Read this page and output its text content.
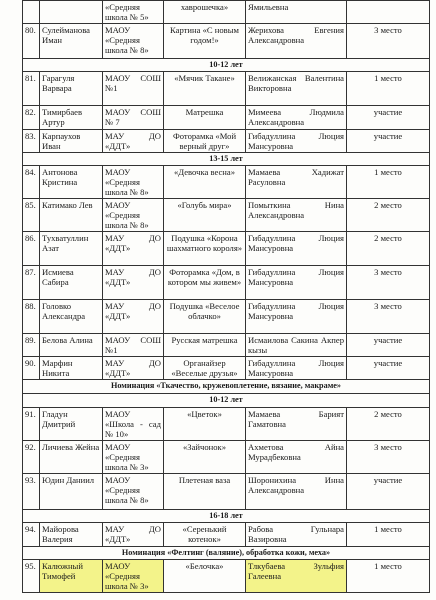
		«Средняя школа № 5»	хаврошечка»	Ямильевна	
80.	Сулейманова Иман	МАОУ «Средняя школа № 8»	Картина «С новым годом!»	Жерихова Евгения Александровна	3 место
10-12 лет					
81.	Гарагуля Варвара	МАОУ СОШ №1	«Мячик Такане»	Велижанская Валентина Викторовна	1 место
82.	Тимирбаев Артур	МАОУ СОШ № 7	Матрешка	Мимеева Людмила Александровна	участие
83.	Карпаухов Иван	МАУ ДО «ДДТ»	Фоторамка «Мой верный друг»	Гибадуллина Люция Мансуровна	участие
13-15 лет					
84.	Антонова Кристина	МАОУ «Средняя школа № 8»	«Девочка весна»	Мамаева Хадижат Расуловна	1 место
85.	Катимако Лев	МАОУ «Средняя школа № 8»	«Голубь мира»	Помыткина Нина Александровна	2 место
86.	Тухватуллин Азат	МАУ ДО «ДДТ»	Подушка «Корона шахматного короля»	Гибадуллина Люция Мансуровна	2 место
87.	Исмиева Сабира	МАУ ДО «ДДТ»	Фоторамка «Дом, в котором мы живем»	Гибадуллина Люция Мансуровна	3 место
88.	Головко Александра	МАУ ДО «ДДТ»	Подушка «Веселое облачко»	Гибадуллина Люция Мансуровна	3 место
89.	Белова Алина	МАОУ СОШ №1	Русская матрешка	Исмаилова Сакина Акпер кызы	участие
90.	Марфин Никита	МАУ ДО «ДДТ»	Органайзер «Веселые друзья»	Гибадуллина Люция Мансуровна	участие
Номинация «Ткачество, кружевоплетение, вязание, макраме»					
10-12 лет					
91.	Гладун Дмитрий	МАОУ «Школа - сад № 10»	«Цветок»	Мамаева Барият Гаматовна	2 место
92.	Личиева Жейна	МАОУ «Средняя школа № 3»	«Зайчонок»	Ахметова Айна Мурадбековна	3 место
93.	Юдин Даниил	МАОУ «Средняя школа № 8»	Плетеная ваза	Шоронихина Инна Александровна	участие
16-18 лет					
94.	Майорова Валерия	МАУ ДО «ДДТ»	«Серенький котенок»	Рабова Гульнара Вазировна	1 место
Номинация «Фелтинг (валяние), обработка кожи, меха»					
95.	Калюжный Тимофей	МАОУ «Средняя школа № 3»	«Белочка»	Тлкубаева Зульфия Галеевна	1 место
